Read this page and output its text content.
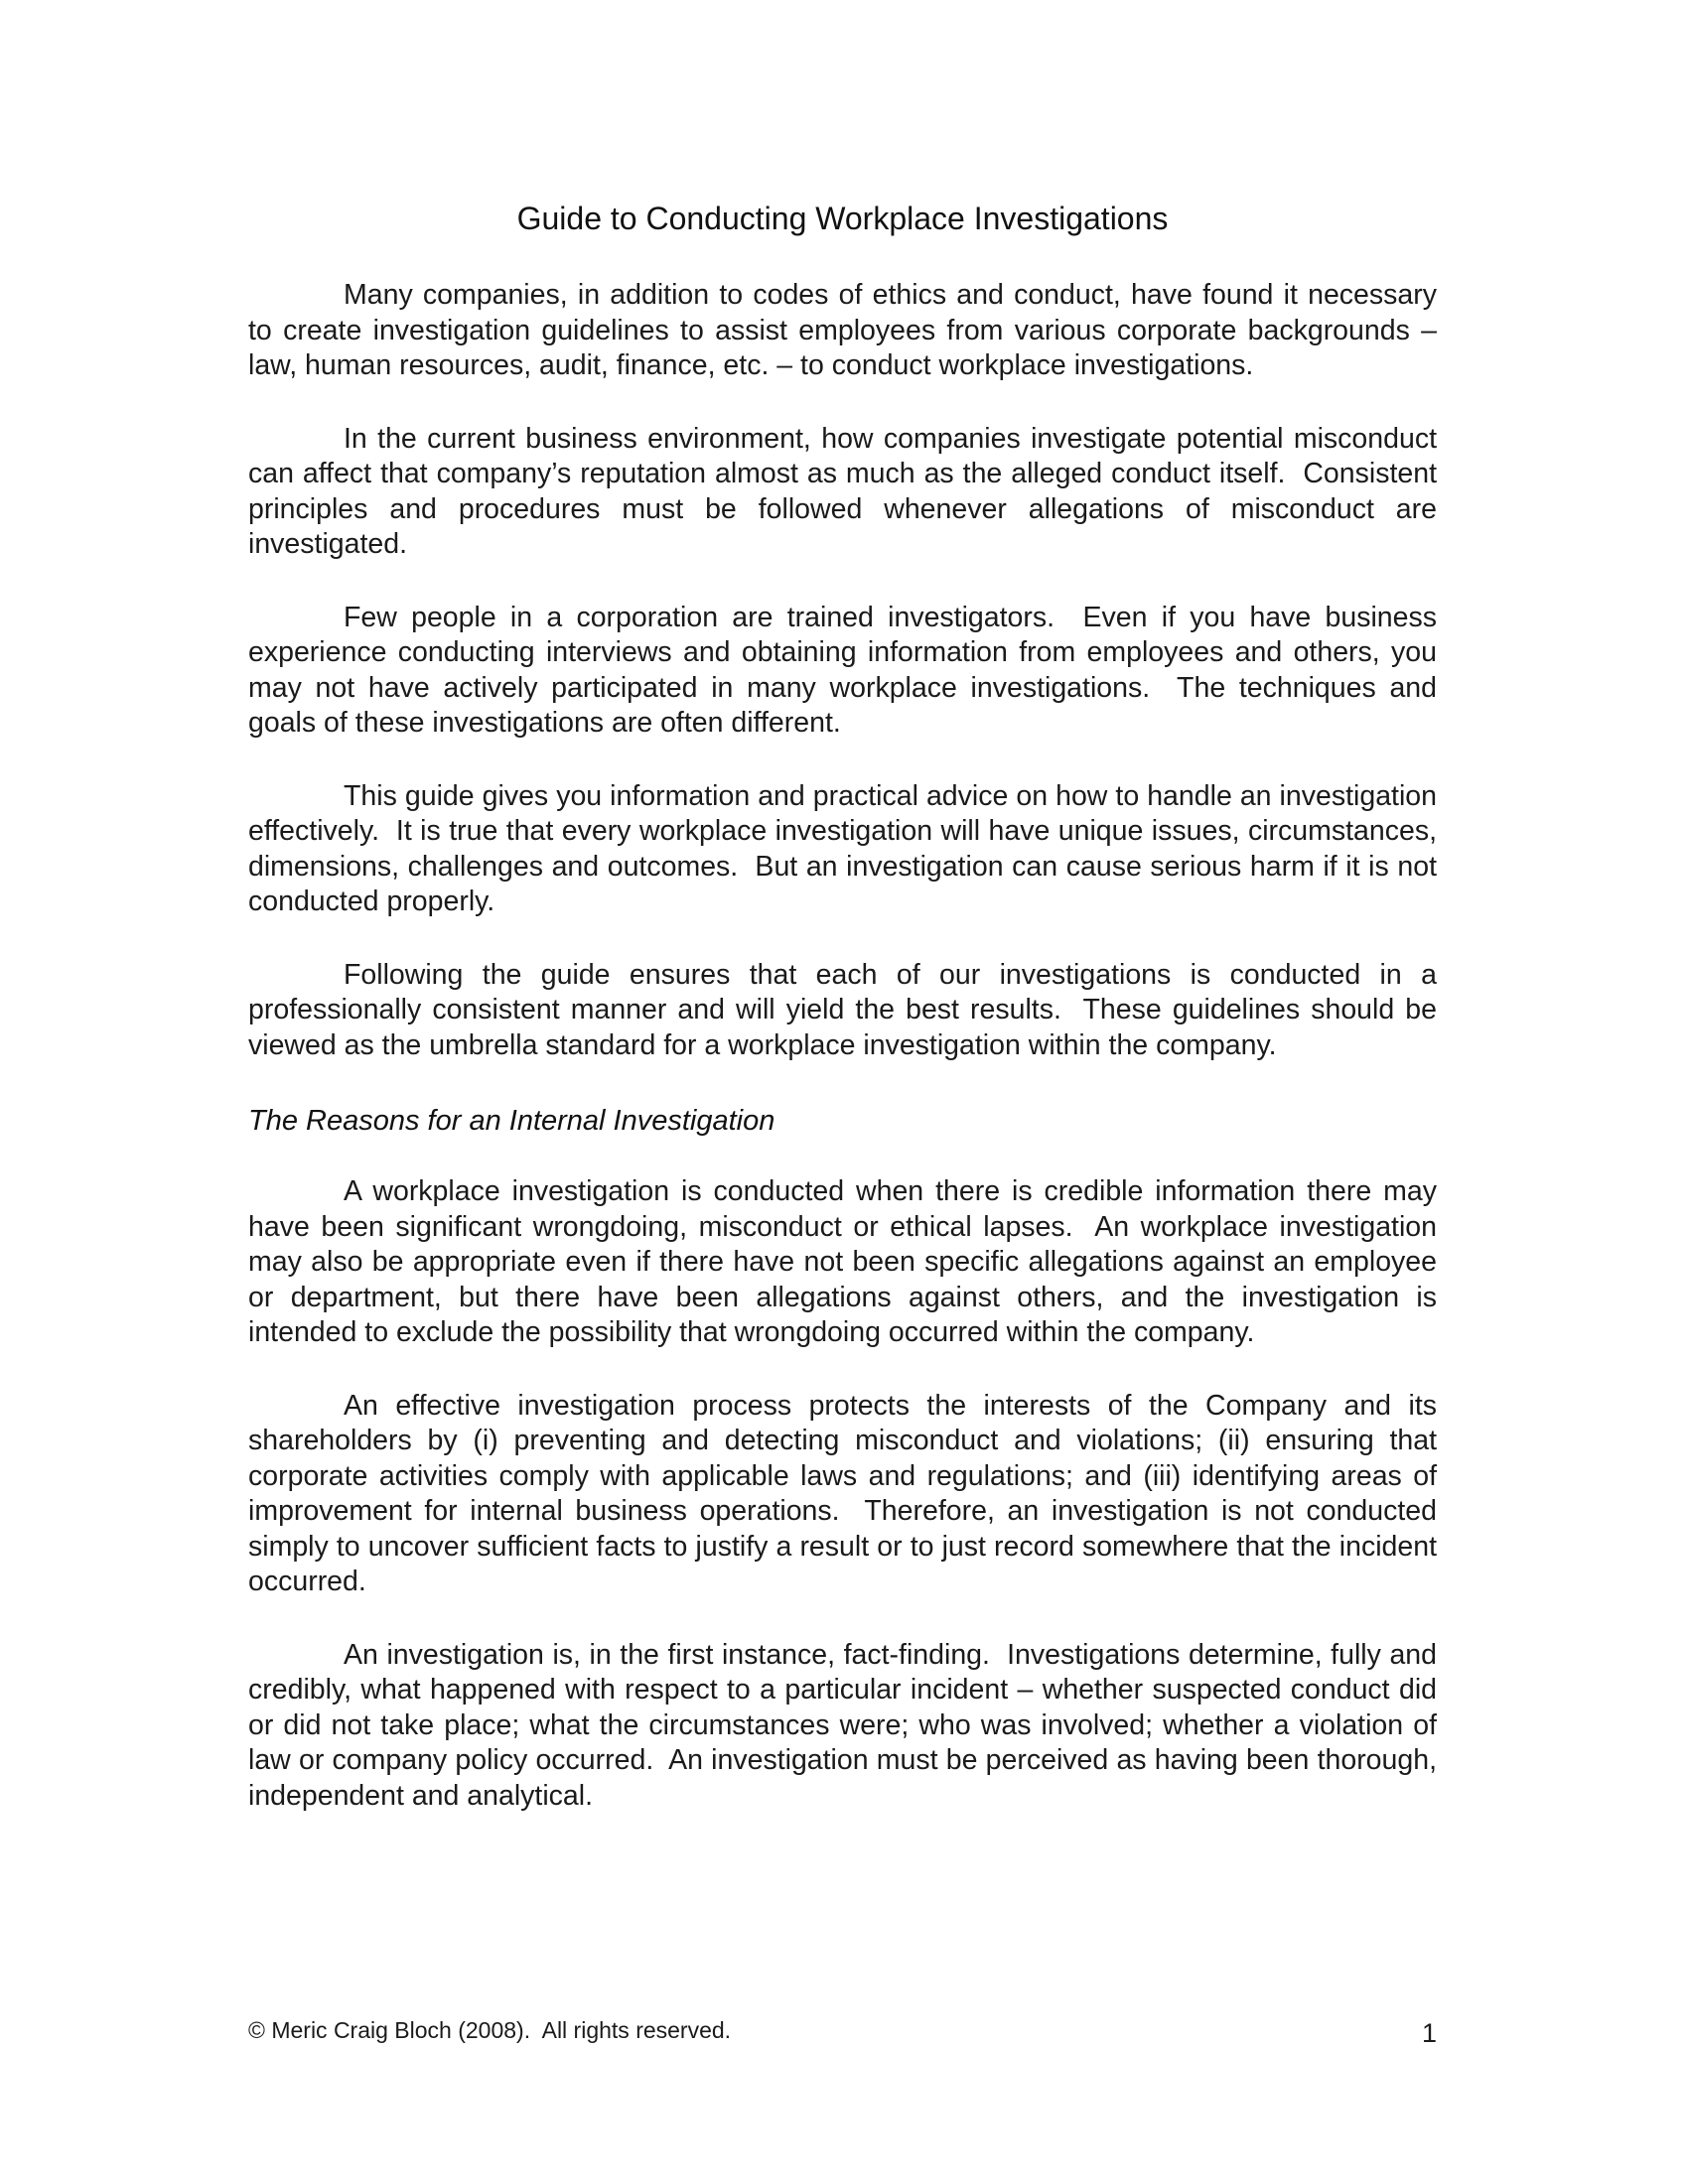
Guide to Conducting Workplace Investigations

Many companies, in addition to codes of ethics and conduct, have found it necessary to create investigation guidelines to assist employees from various corporate backgrounds – law, human resources, audit, finance, etc. – to conduct workplace investigations.

In the current business environment, how companies investigate potential misconduct can affect that company’s reputation almost as much as the alleged conduct itself.  Consistent principles and procedures must be followed whenever allegations of misconduct are investigated.

Few people in a corporation are trained investigators.  Even if you have business experience conducting interviews and obtaining information from employees and others, you may not have actively participated in many workplace investigations.  The techniques and goals of these investigations are often different.

This guide gives you information and practical advice on how to handle an investigation effectively.  It is true that every workplace investigation will have unique issues, circumstances, dimensions, challenges and outcomes.  But an investigation can cause serious harm if it is not conducted properly.

Following the guide ensures that each of our investigations is conducted in a professionally consistent manner and will yield the best results.  These guidelines should be viewed as the umbrella standard for a workplace investigation within the company.

The Reasons for an Internal Investigation

A workplace investigation is conducted when there is credible information there may have been significant wrongdoing, misconduct or ethical lapses.  An workplace investigation may also be appropriate even if there have not been specific allegations against an employee or department, but there have been allegations against others, and the investigation is intended to exclude the possibility that wrongdoing occurred within the company.

An effective investigation process protects the interests of the Company and its shareholders by (i) preventing and detecting misconduct and violations; (ii) ensuring that corporate activities comply with applicable laws and regulations; and (iii) identifying areas of improvement for internal business operations.  Therefore, an investigation is not conducted simply to uncover sufficient facts to justify a result or to just record somewhere that the incident occurred.

An investigation is, in the first instance, fact-finding.  Investigations determine, fully and credibly, what happened with respect to a particular incident – whether suspected conduct did or did not take place; what the circumstances were; who was involved; whether a violation of law or company policy occurred.  An investigation must be perceived as having been thorough, independent and analytical.

© Meric Craig Bloch (2008).  All rights reserved.	1
